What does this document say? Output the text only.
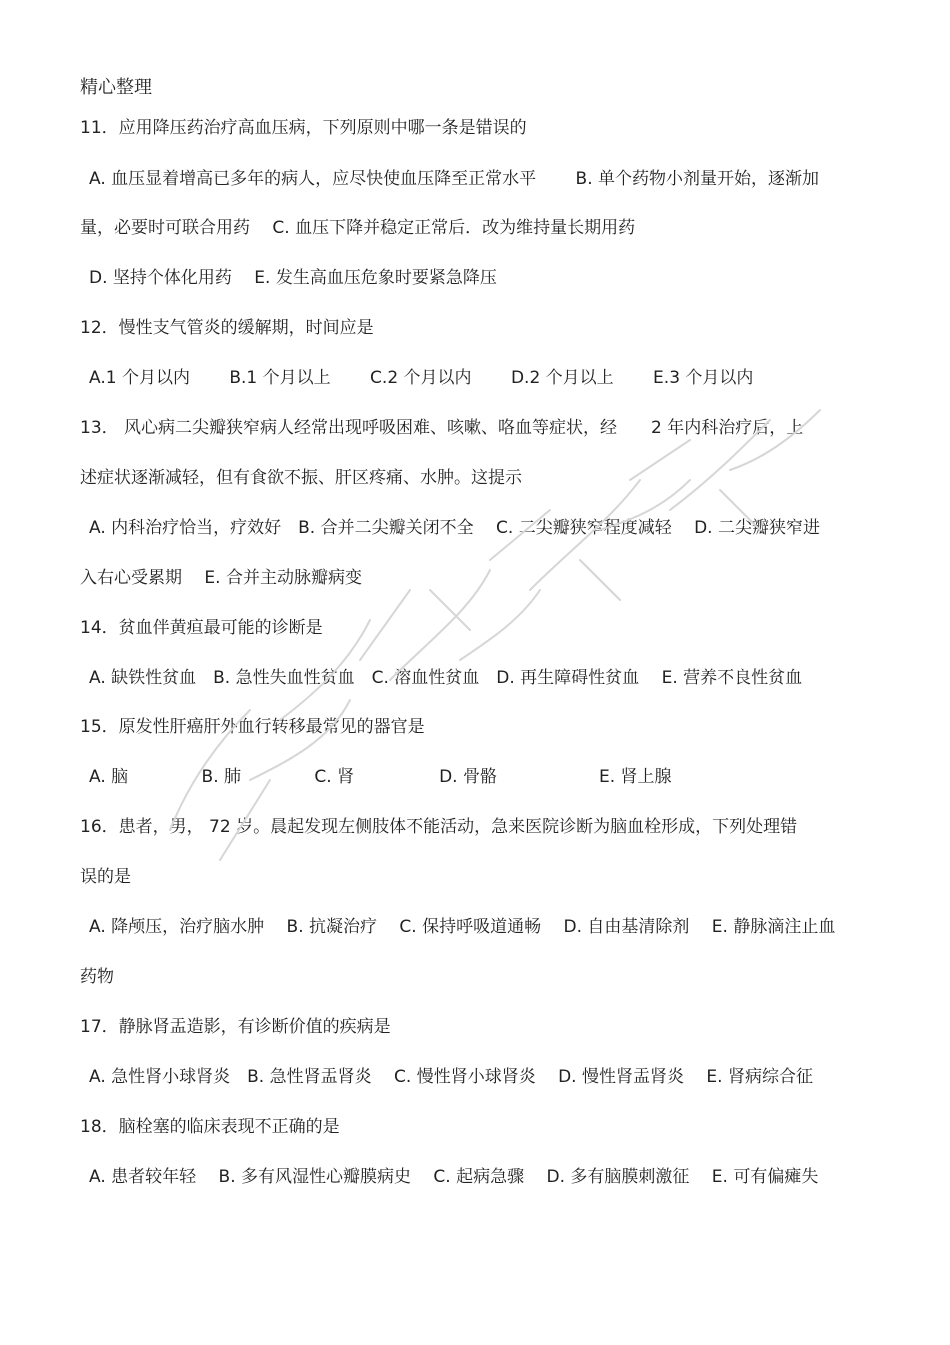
精心整理
11．应用降压药治疗高血压病，下列原则中哪一条是错误的
A. 血压显着增高已多年的病人，应尽快使血压降至正常水平　　 B. 单个药物小剂量开始，逐渐加
量，必要时可联合用药　 C. 血压下降并稳定正常后．改为维持量长期用药
D. 坚持个体化用药　 E. 发生高血压危象时要紧急降压
12．慢性支气管炎的缓解期，时间应是
A.1 个月以内　　 B.1 个月以上　　 C.2 个月以内　　 D.2 个月以上　　 E.3 个月以内
13． 风心病二尖瓣狭窄病人经常出现呼吸困难、咳嗽、咯血等症状，经　　2 年内科治疗后，上
述症状逐渐减轻，但有食欲不振、肝区疼痛、水肿。这提示
A. 内科治疗恰当，疗效好　B. 合并二尖瓣关闭不全　 C. 二尖瓣狭窄程度减轻　 D. 二尖瓣狭窄进
入右心受累期　 E. 合并主动脉瓣病变
14．贫血伴黄疸最可能的诊断是
A. 缺铁性贫血　B. 急性失血性贫血　C. 溶血性贫血　D. 再生障碍性贫血　 E. 营养不良性贫血
15．原发性肝癌肝外血行转移最常见的器官是
A. 脑　　　　 B. 肺　　　　 C. 肾　　　　　D. 骨骼　　　　　　E. 肾上腺
16．患者，男， 72 岁。晨起发现左侧肢体不能活动，急来医院诊断为脑血栓形成，下列处理错
误的是
A. 降颅压，治疗脑水肿　 B. 抗凝治疗　 C. 保持呼吸道通畅　 D. 自由基清除剂　 E. 静脉滴注止血
药物
17．静脉肾盂造影，有诊断价值的疾病是
A. 急性肾小球肾炎　B. 急性肾盂肾炎　 C. 慢性肾小球肾炎　 D. 慢性肾盂肾炎　 E. 肾病综合征
18．脑栓塞的临床表现不正确的是
A. 患者较年轻　 B. 多有风湿性心瓣膜病史　 C. 起病急骤　 D. 多有脑膜刺激征　 E. 可有偏瘫失
